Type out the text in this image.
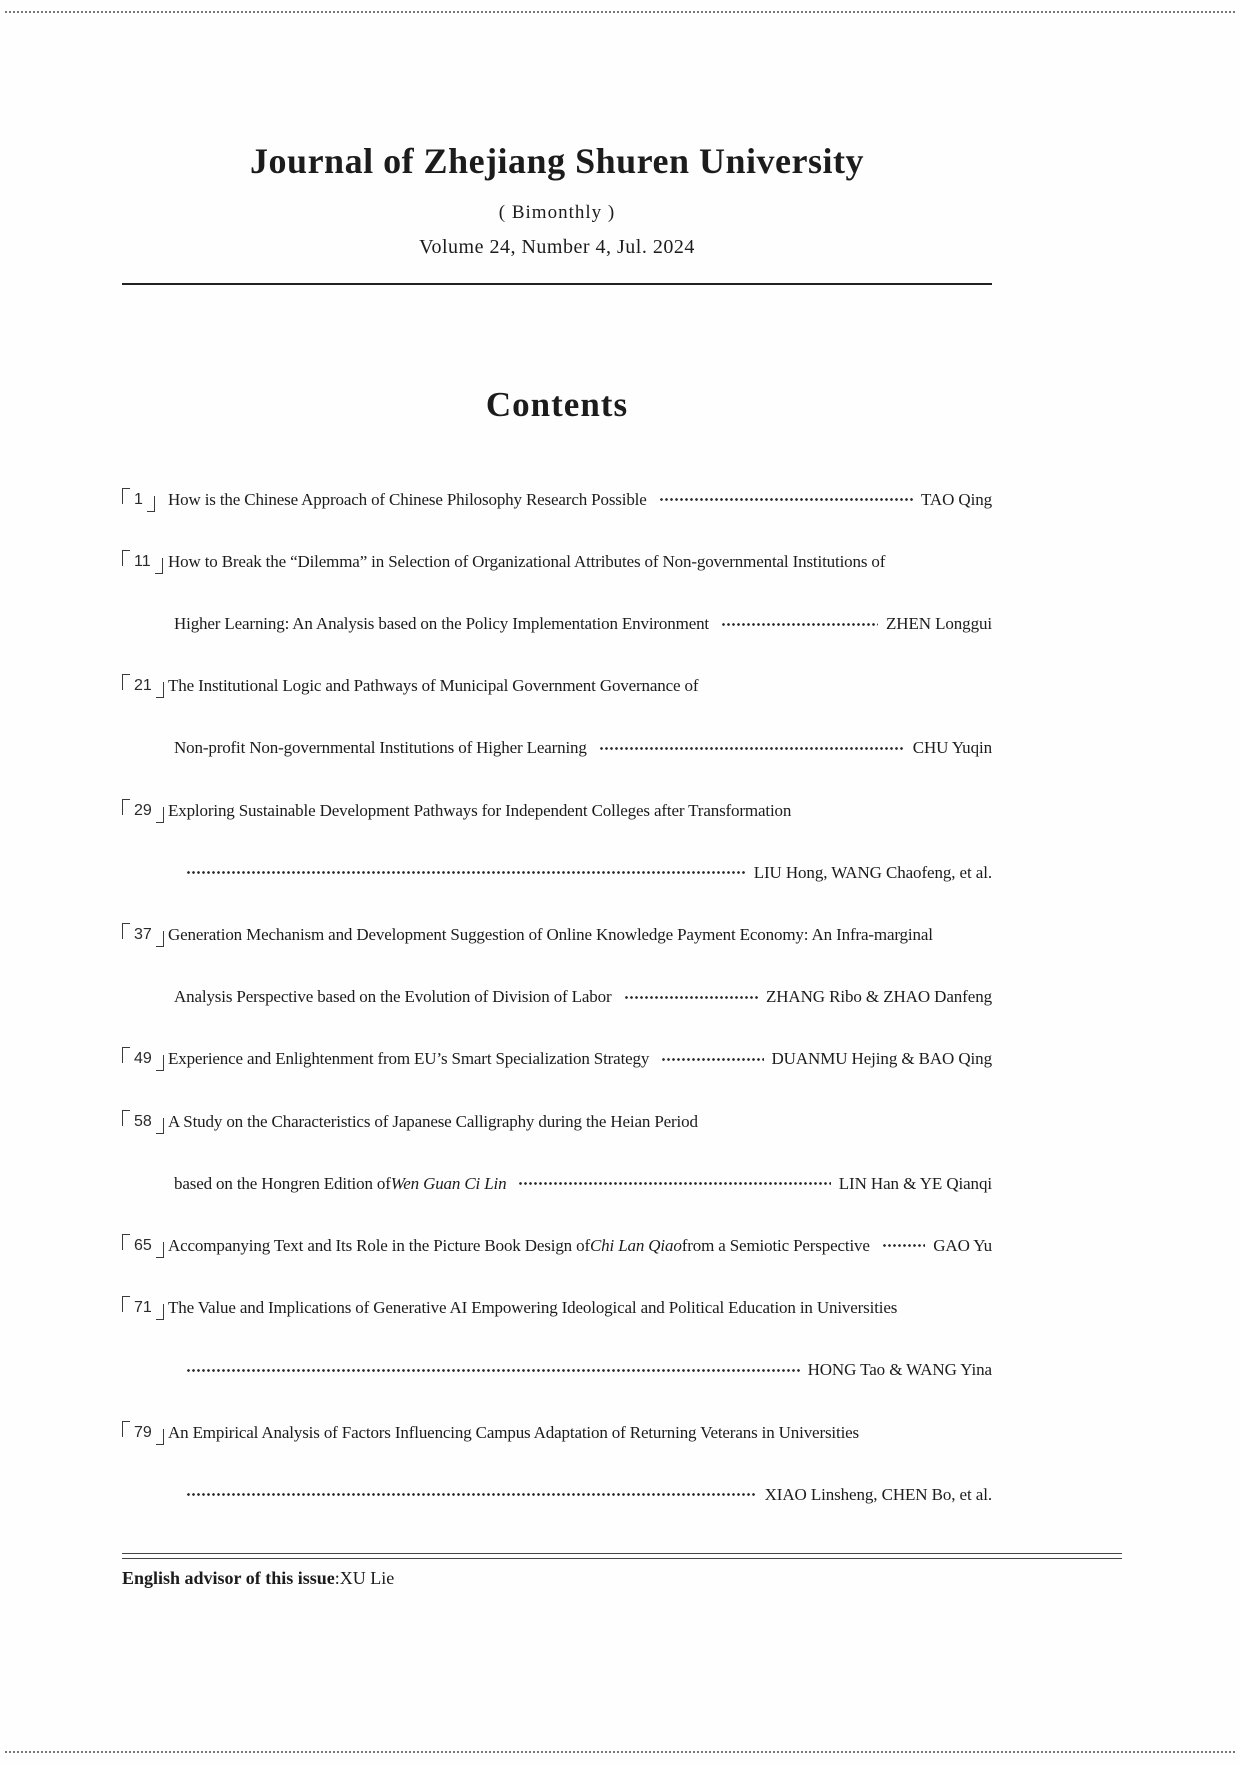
Journal of Zhejiang Shuren University
( Bimonthly )
Volume 24, Number 4, Jul. 2024
Contents
1 How is the Chinese Approach of Chinese Philosophy Research Possible	TAO Qing
11 How to Break the “Dilemma” in Selection of Organizational Attributes of Non-governmental Institutions of
Higher Learning: An Analysis based on the Policy Implementation Environment	ZHEN Longgui
21 The Institutional Logic and Pathways of Municipal Government Governance of
Non-profit Non-governmental Institutions of Higher Learning	CHU Yuqin
29 Exploring Sustainable Development Pathways for Independent Colleges after Transformation
LIU Hong, WANG Chaofeng, et al.
37 Generation Mechanism and Development Suggestion of Online Knowledge Payment Economy: An Infra-marginal
Analysis Perspective based on the Evolution of Division of Labor	ZHANG Ribo & ZHAO Danfeng
49 Experience and Enlightenment from EU’s Smart Specialization Strategy	DUANMU Hejing & BAO Qing
58 A Study on the Characteristics of Japanese Calligraphy during the Heian Period
based on the Hongren Edition of Wen Guan Ci Lin	LIN Han & YE Qianqi
65 Accompanying Text and Its Role in the Picture Book Design of Chi Lan Qiao from a Semiotic Perspective	GAO Yu
71 The Value and Implications of Generative AI Empowering Ideological and Political Education in Universities
HONG Tao & WANG Yina
79 An Empirical Analysis of Factors Influencing Campus Adaptation of Returning Veterans in Universities
XIAO Linsheng, CHEN Bo, et al.
English advisor of this issue:XU Lie
